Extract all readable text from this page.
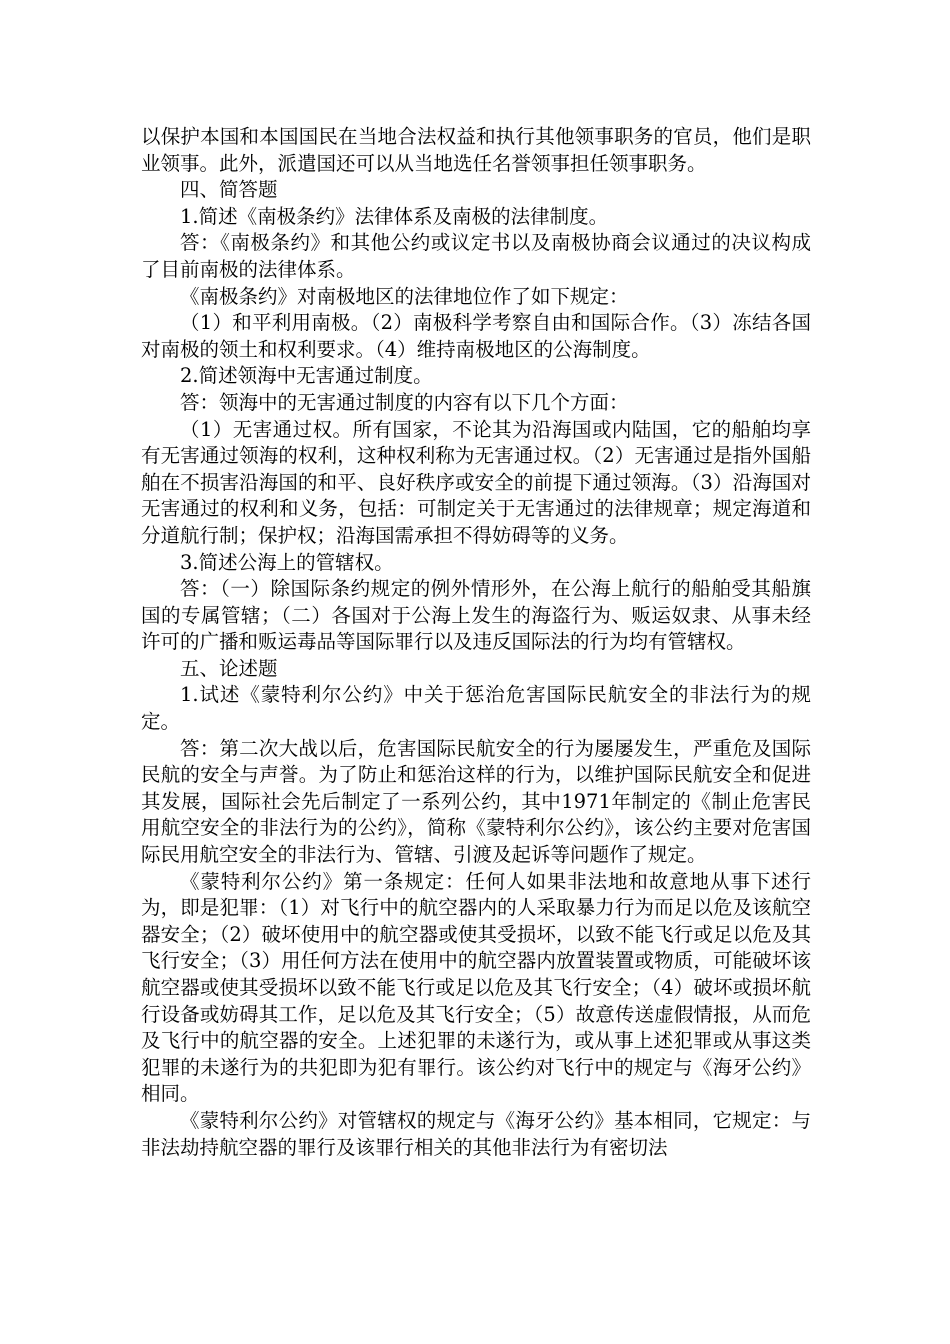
以保护本国和本国国民在当地合法权益和执行其他领事职务的官员，他们是职业领事。此外，派遣国还可以从当地选任名誉领事担任领事职务。

四、简答题

1.简述《南极条约》法律体系及南极的法律制度。

答：《南极条约》和其他公约或议定书以及南极协商会议通过的决议构成了目前南极的法律体系。

《南极条约》对南极地区的法律地位作了如下规定：

（1）和平利用南极。（2）南极科学考察自由和国际合作。（3）冻结各国对南极的领土和权利要求。（4）维持南极地区的公海制度。

2.简述领海中无害通过制度。

答：领海中的无害通过制度的内容有以下几个方面：

（1）无害通过权。所有国家，不论其为沿海国或内陆国，它的船舶均享有无害通过领海的权利，这种权利称为无害通过权。（2）无害通过是指外国船舶在不损害沿海国的和平、良好秩序或安全的前提下通过领海。（3）沿海国对无害通过的权利和义务，包括：可制定关于无害通过的法律规章；规定海道和分道航行制；保护权；沿海国需承担不得妨碍等的义务。

3.简述公海上的管辖权。

答：（一）除国际条约规定的例外情形外，在公海上航行的船舶受其船旗国的专属管辖；（二）各国对于公海上发生的海盗行为、贩运奴隶、从事未经许可的广播和贩运毒品等国际罪行以及违反国际法的行为均有管辖权。

五、论述题

1.试述《蒙特利尔公约》中关于惩治危害国际民航安全的非法行为的规定。

答：第二次大战以后，危害国际民航安全的行为屡屡发生，严重危及国际民航的安全与声誉。为了防止和惩治这样的行为，以维护国际民航安全和促进其发展，国际社会先后制定了一系列公约，其中1971年制定的《制止危害民用航空安全的非法行为的公约》，简称《蒙特利尔公约》，该公约主要对危害国际民用航空安全的非法行为、管辖、引渡及起诉等问题作了规定。

《蒙特利尔公约》第一条规定：任何人如果非法地和故意地从事下述行为，即是犯罪：（1）对飞行中的航空器内的人采取暴力行为而足以危及该航空器安全；（2）破坏使用中的航空器或使其受损坏，以致不能飞行或足以危及其飞行安全；（3）用任何方法在使用中的航空器内放置装置或物质，可能破坏该航空器或使其受损坏以致不能飞行或足以危及其飞行安全；（4）破坏或损坏航行设备或妨碍其工作，足以危及其飞行安全；（5）故意传送虚假情报，从而危及飞行中的航空器的安全。上述犯罪的未遂行为，或从事上述犯罪或从事这类犯罪的未遂行为的共犯即为犯有罪行。该公约对飞行中的规定与《海牙公约》相同。

《蒙特利尔公约》对管辖权的规定与《海牙公约》基本相同，它规定：与非法劫持航空器的罪行及该罪行相关的其他非法行为有密切法
